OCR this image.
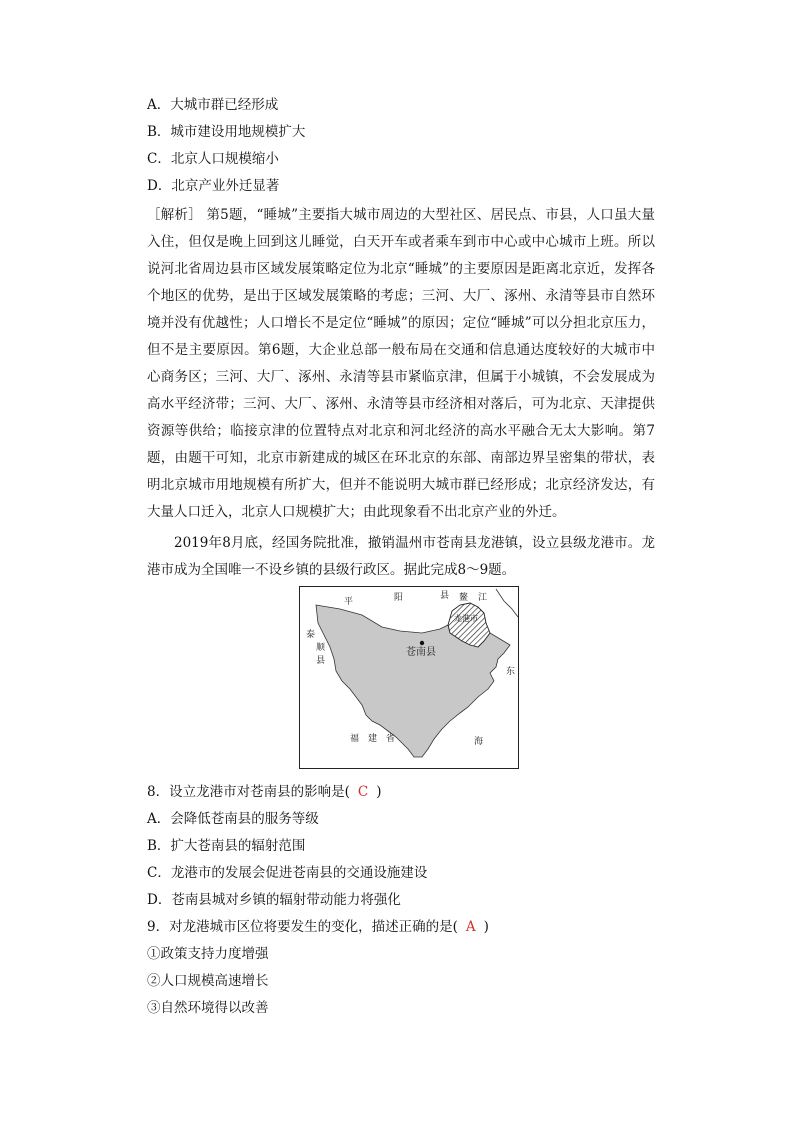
A．大城市群已经形成
B．城市建设用地规模扩大
C．北京人口规模缩小
D．北京产业外迁显著
［解析］ 第5题，“睡城”主要指大城市周边的大型社区、居民点、市县，人口虽大量入住，但仅是晚上回到这儿睡觉，白天开车或者乘车到市中心或中心城市上班。所以说河北省周边县市区域发展策略定位为北京“睡城”的主要原因是距离北京近，发挥各个地区的优势，是出于区域发展策略的考虑；三河、大厂、涿州、永清等县市自然环境并没有优越性；人口增长不是定位“睡城”的原因；定位“睡城”可以分担北京压力，但不是主要原因。第6题，大企业总部一般布局在交通和信息通达度较好的大城市中心商务区；三河、大厂、涿州、永清等县市紧临京津，但属于小城镇，不会发展成为高水平经济带；三河、大厂、涿州、永清等县市经济相对落后，可为北京、天津提供资源等供给；临接京津的位置特点对北京和河北经济的高水平融合无太大影响。第7题，由题干可知，北京市新建成的城区在环北京的东部、南部边界呈密集的带状，表明北京城市用地规模有所扩大，但并不能说明大城市群已经形成；北京经济发达，有大量人口迁入，北京人口规模扩大；由此现象看不出北京产业的外迁。
2019年8月底，经国务院批准，撤销温州市苍南县龙港镇，设立县级龙港市。龙港市成为全国唯一不设乡镇的县级行政区。据此完成8～9题。
平	阳	县 鳌 江
龙港市
泰
顺
县
苍南县
东
福　建　省	海
8．设立龙港市对苍南县的影响是( C )
A．会降低苍南县的服务等级
B．扩大苍南县的辐射范围
C．龙港市的发展会促进苍南县的交通设施建设
D．苍南县城对乡镇的辐射带动能力将强化
9．对龙港城市区位将要发生的变化，描述正确的是( A )
①政策支持力度增强
②人口规模高速增长
③自然环境得以改善
